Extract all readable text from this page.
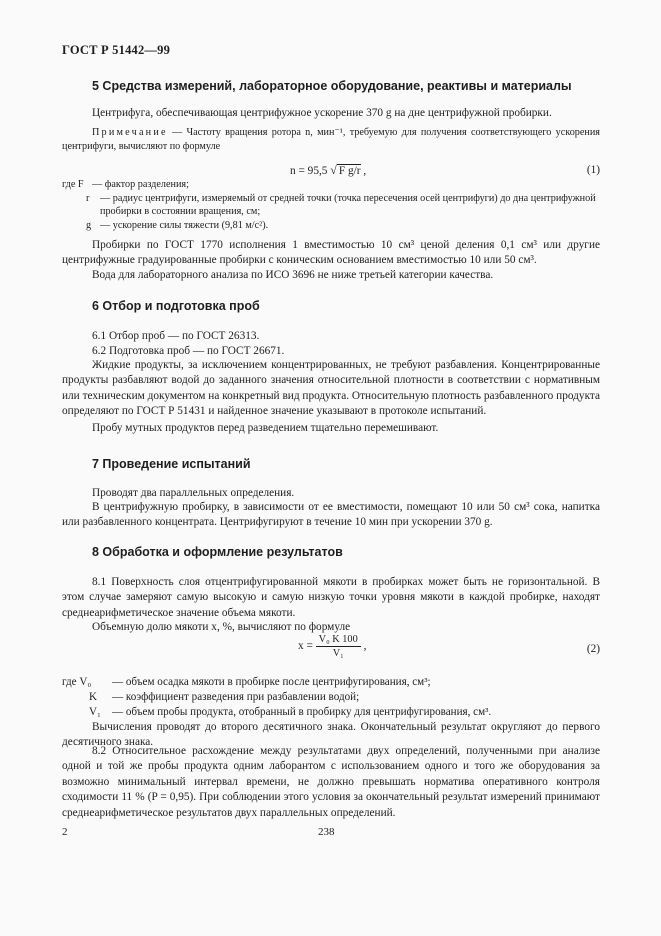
ГОСТ Р 51442—99
5 Средства измерений, лабораторное оборудование, реактивы и материалы
Центрифуга, обеспечивающая центрифужное ускорение 370 g на дне центрифужной пробирки.
Примечание — Частоту вращения ротора n, мин⁻¹, требуемую для получения соответствующего ускорения центрифуги, вычисляют по формуле
n = 95,5 √ F g/r ,	(1)
где F — фактор разделения;
r	— радиус центрифуги, измеряемый от средней точки (точка пересечения осей центрифуги) до дна центрифужной пробирки в состоянии вращения, см;
g — ускорение силы тяжести (9,81 м/с²).
Пробирки по ГОСТ 1770 исполнения 1 вместимостью 10 см³ ценой деления 0,1 см³ или другие центрифужные градуированные пробирки с коническим основанием вместимостью 10 или 50 см³.
Вода для лабораторного анализа по ИСО 3696 не ниже третьей категории качества.
6 Отбор и подготовка проб
6.1 Отбор проб — по ГОСТ 26313.
6.2 Подготовка проб — по ГОСТ 26671.
Жидкие продукты, за исключением концентрированных, не требуют разбавления. Концентрированные продукты разбавляют водой до заданного значения относительной плотности в соответствии с нормативным или техническим документом на конкретный вид продукта. Относительную плотность разбавленного продукта определяют по ГОСТ Р 51431 и найденное значение указывают в протоколе испытаний.
Пробу мутных продуктов перед разведением тщательно перемешивают.
7 Проведение испытаний
Проводят два параллельных определения.
В центрифужную пробирку, в зависимости от ее вместимости, помещают 10 или 50 см³ сока, напитка или разбавленного концентрата. Центрифугируют в течение 10 мин при ускорении 370 g.
8 Обработка и оформление результатов
8.1 Поверхность слоя отцентрифугированной мякоти в пробирках может быть не горизонтальной. В этом случае замеряют самую высокую и самую низкую точки уровня мякоти в каждой пробирке, находят среднеарифметическое значение объема мякоти.
Объемную долю мякоти x, %, вычисляют по формуле
$x = \frac{\text{V₀ K 100}}{\text{V₁}}$ ,	(2)
где V₀	— объем осадка мякоти в пробирке после центрифугирования, см³;
K	— коэффициент разведения при разбавлении водой;
V₁	— объем пробы продукта, отобранный в пробирку для центрифугирования, см³.
Вычисления проводят до второго десятичного знака. Окончательный результат округляют до первого десятичного знака.
8.2 Относительное расхождение между результатами двух определений, полученными при анализе одной и той же пробы продукта одним лаборантом с использованием одного и того же оборудования за возможно минимальный интервал времени, не должно превышать норматива оперативного контроля сходимости 11 % (P = 0,95). При соблюдении этого условия за окончательный результат измерений принимают среднеарифметическое результатов двух параллельных определений.
2	238
